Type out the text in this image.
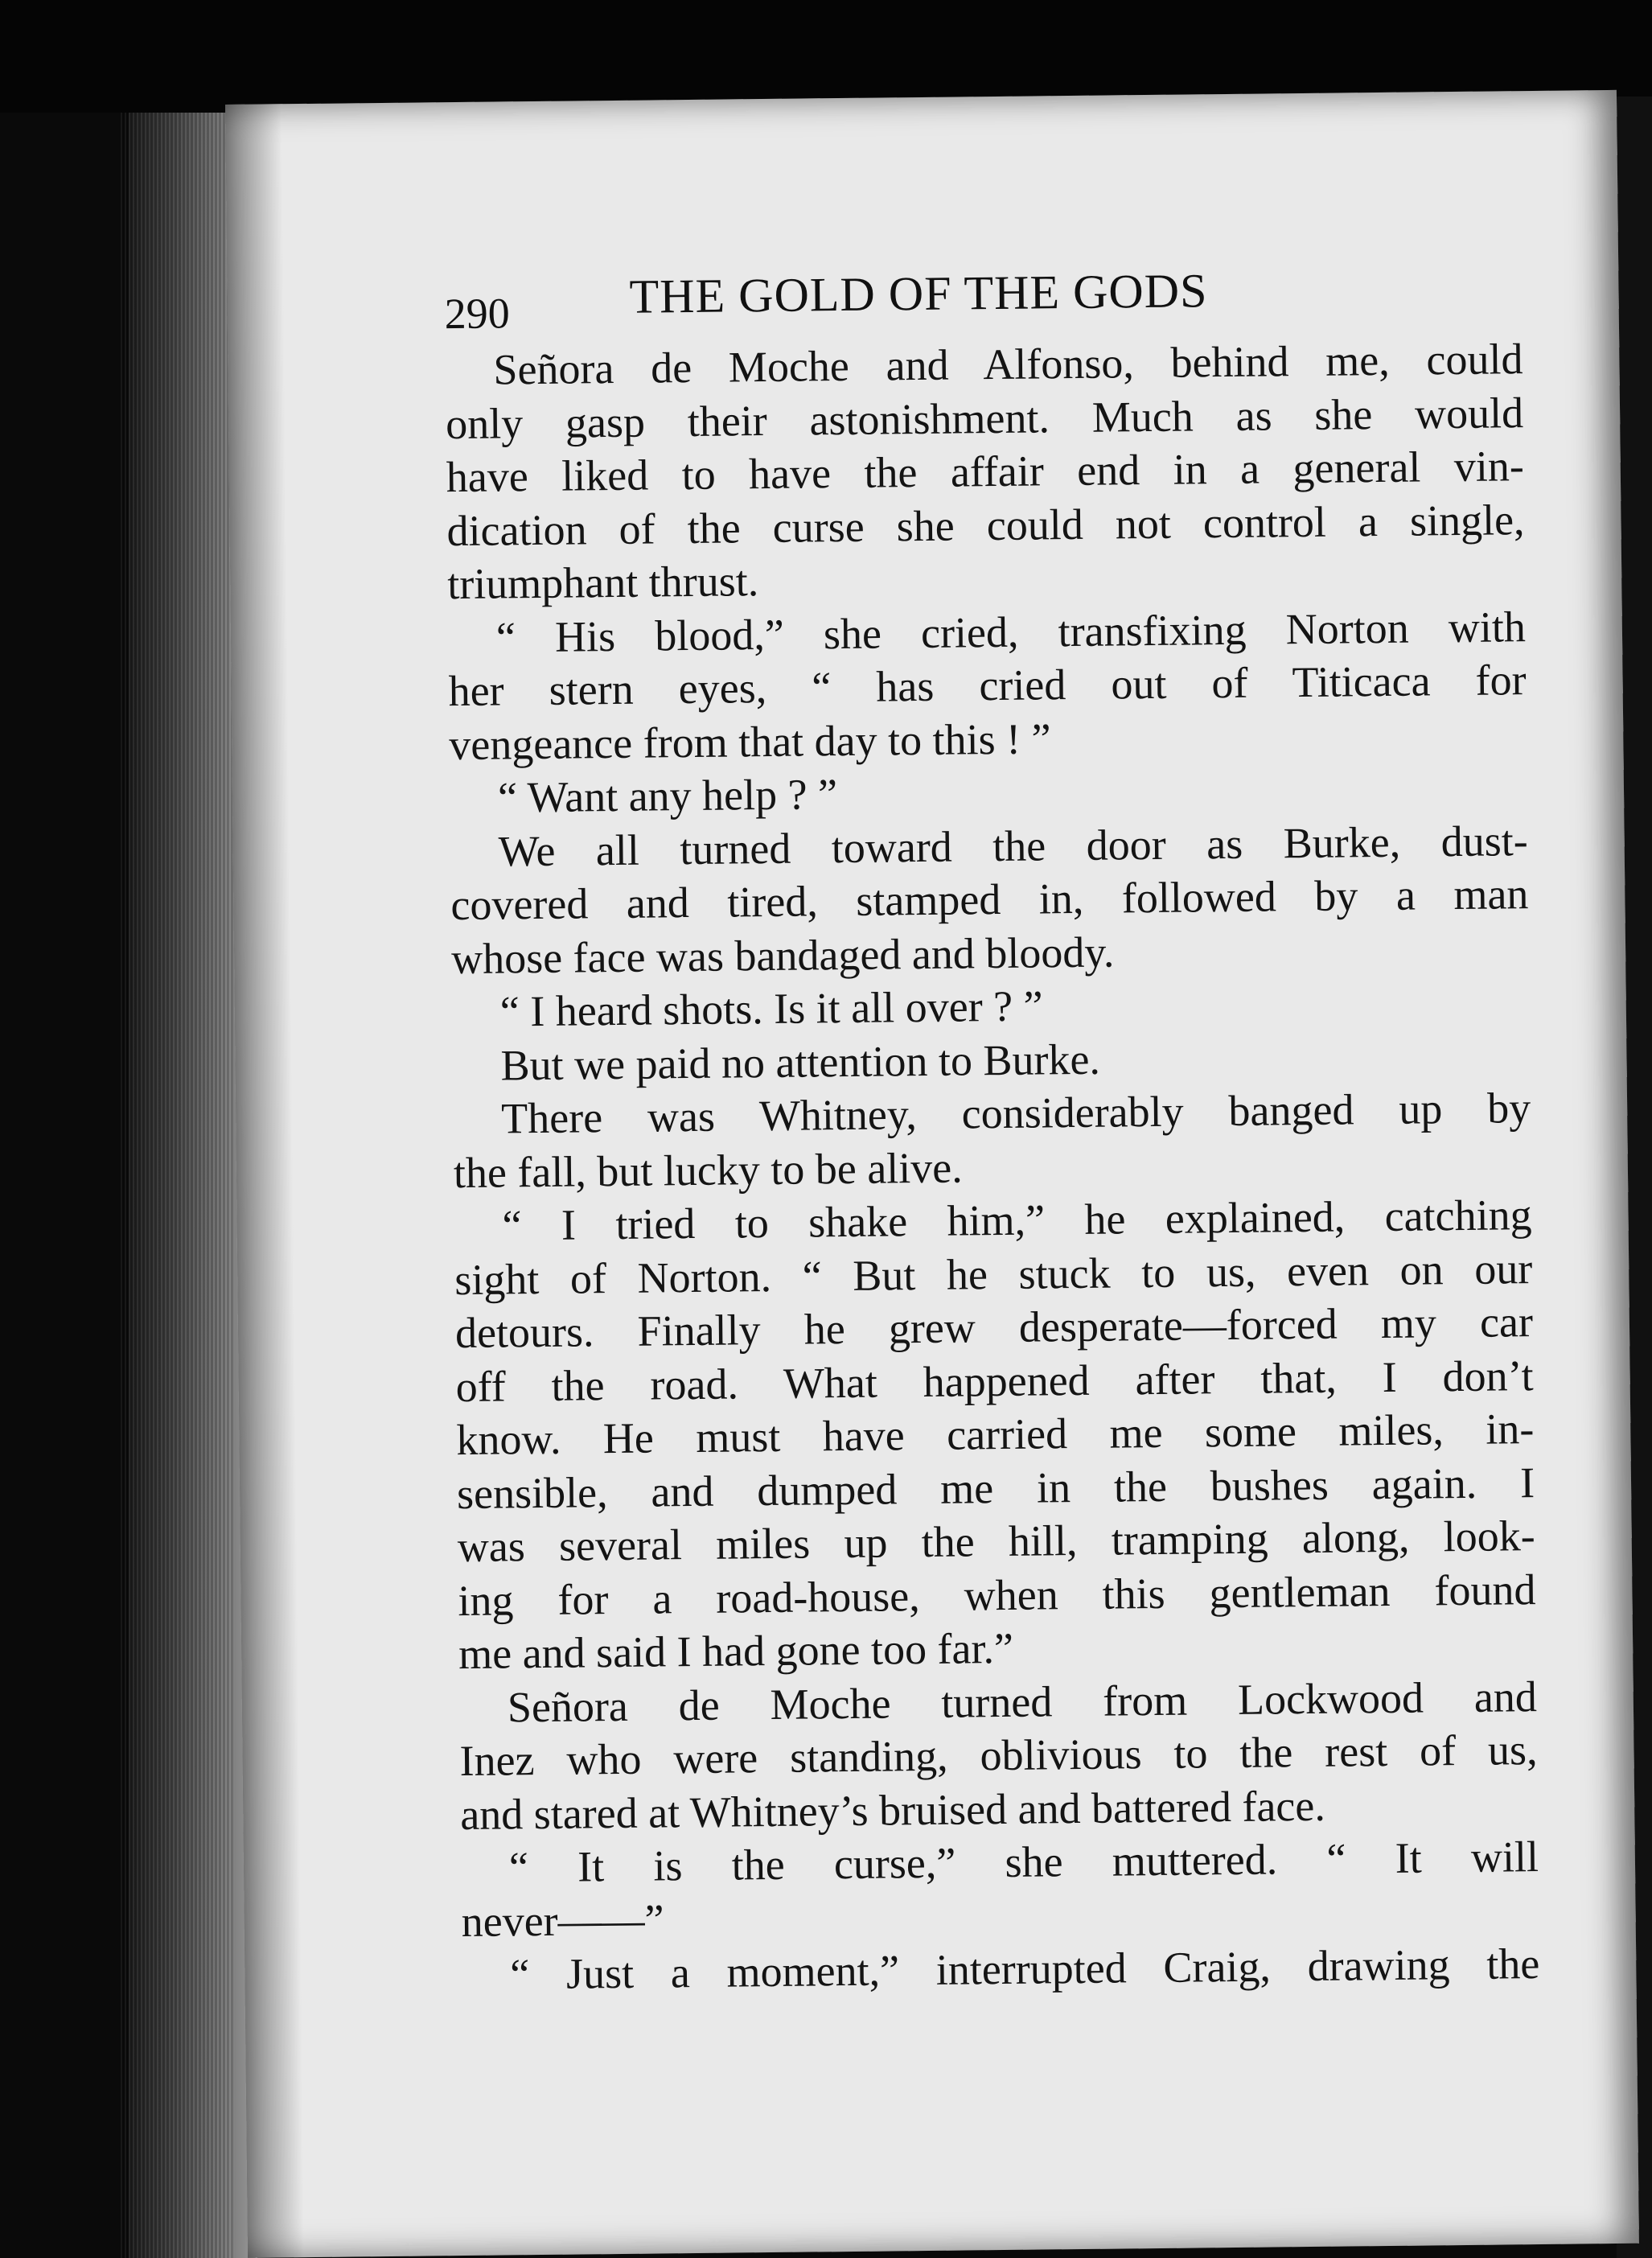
290 THE GOLD OF THE GODS
Señora de Moche and Alfonso, behind me, could
only gasp their astonishment. Much as she would
have liked to have the affair end in a general vin-
dication of the curse she could not control a single,
triumphant thrust.
“ His blood,” she cried, transfixing Norton with
her stern eyes, “ has cried out of Titicaca for
vengeance from that day to this ! ”
“ Want any help ? ”
We all turned toward the door as Burke, dust-
covered and tired, stamped in, followed by a man
whose face was bandaged and bloody.
“ I heard shots. Is it all over ? ”
But we paid no attention to Burke.
There was Whitney, considerably banged up by
the fall, but lucky to be alive.
“ I tried to shake him,” he explained, catching
sight of Norton. “ But he stuck to us, even on our
detours. Finally he grew desperate—forced my car
off the road. What happened after that, I don’t
know. He must have carried me some miles, in-
sensible, and dumped me in the bushes again. I
was several miles up the hill, tramping along, look-
ing for a road-house, when this gentleman found
me and said I had gone too far.”
Señora de Moche turned from Lockwood and
Inez who were standing, oblivious to the rest of us,
and stared at Whitney’s bruised and battered face.
“ It is the curse,” she muttered. “ It will
never——”
“ Just a moment,” interrupted Craig, drawing the
